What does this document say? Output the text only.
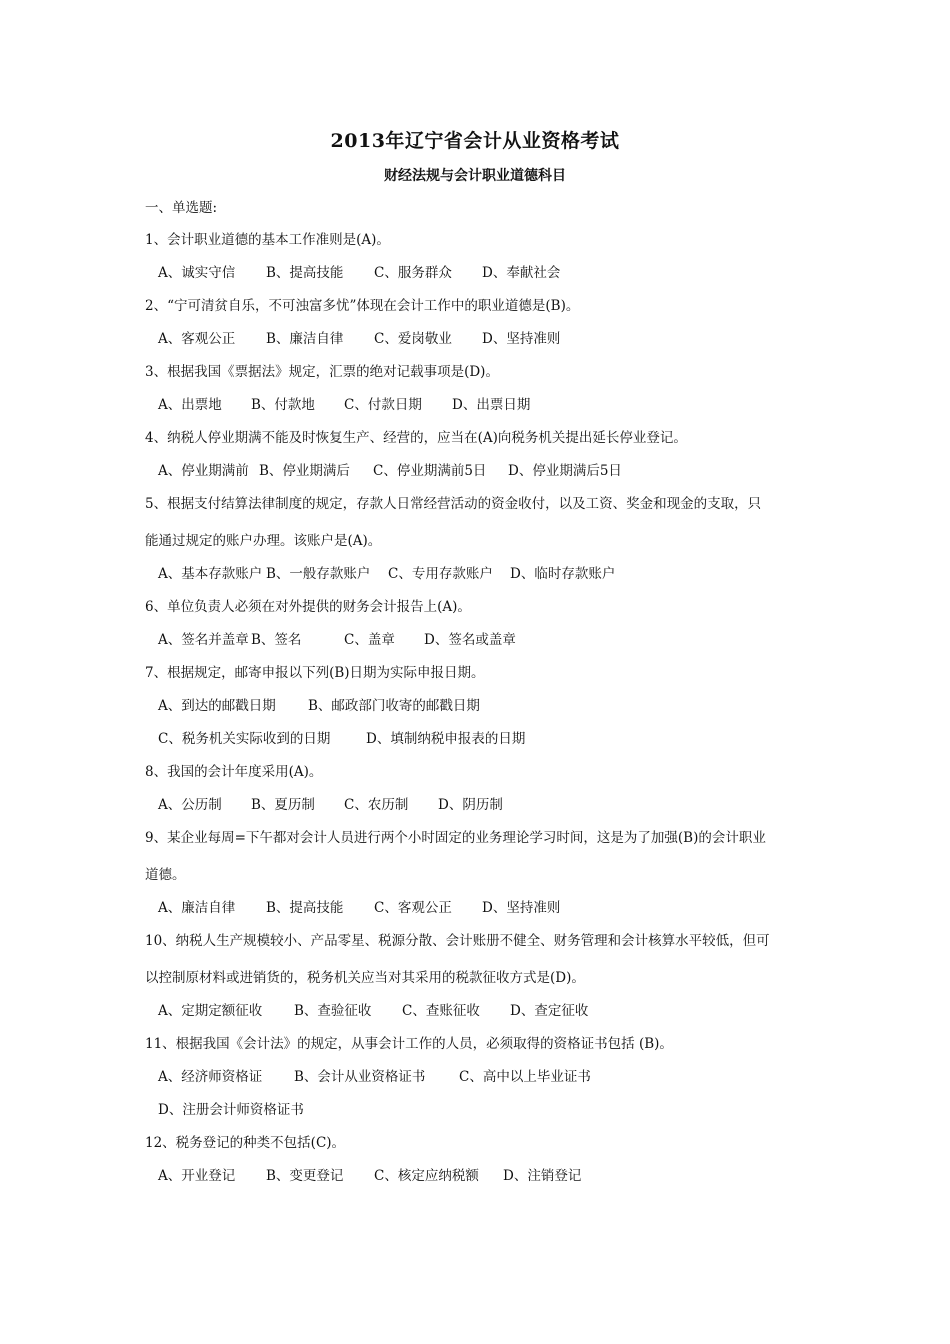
2013年辽宁省会计从业资格考试
财经法规与会计职业道德科目
一、单选题:
1、会计职业道德的基本工作准则是(A)。
A、诚实守信 B、提高技能 C、服务群众 D、奉献社会
2、“宁可清贫自乐，不可浊富多忧”体现在会计工作中的职业道德是(B)。
A、客观公正 B、廉洁自律 C、爱岗敬业 D、坚持准则
3、根据我国《票据法》规定，汇票的绝对记载事项是(D)。
A、出票地 B、付款地 C、付款日期 D、出票日期
4、纳税人停业期满不能及时恢复生产、经营的，应当在(A)向税务机关提出延长停业登记。
A、停业期满前 B、停业期满后 C、停业期满前5日 D、停业期满后5日
5、根据支付结算法律制度的规定，存款人日常经营活动的资金收付，以及工资、奖金和现金的支取，只
能通过规定的账户办理。该账户是(A)。
A、基本存款账户 B、一般存款账户 C、专用存款账户 D、临时存款账户
6、单位负责人必须在对外提供的财务会计报告上(A)。
A、签名并盖章 B、签名	C、盖章 D、签名或盖章
7、根据规定，邮寄申报以下列(B)日期为实际申报日期。
A、到达的邮戳日期 B、邮政部门收寄的邮戳日期
C、税务机关实际收到的日期	D、填制纳税申报表的日期
8、我国的会计年度采用(A)。
A、公历制 B、夏历制 C、农历制 D、阴历制
9、某企业每周=下午都对会计人员进行两个小时固定的业务理论学习时间，这是为了加强(B)的会计职业
道德。
A、廉洁自律 B、提高技能 C、客观公正 D、坚持准则
10、纳税人生产规模较小、产品零星、税源分散、会计账册不健全、财务管理和会计核算水平较低，但可
以控制原材料或进销货的，税务机关应当对其采用的税款征收方式是(D)。
A、定期定额征收 B、查验征收 C、查账征收 D、查定征收
11、根据我国《会计法》的规定，从事会计工作的人员，必须取得的资格证书包括 (B)。
A、经济师资格证 B、会计从业资格证书 C、高中以上毕业证书
D、注册会计师资格证书
12、税务登记的种类不包括(C)。
A、开业登记 B、变更登记 C、核定应纳税额 D、注销登记
